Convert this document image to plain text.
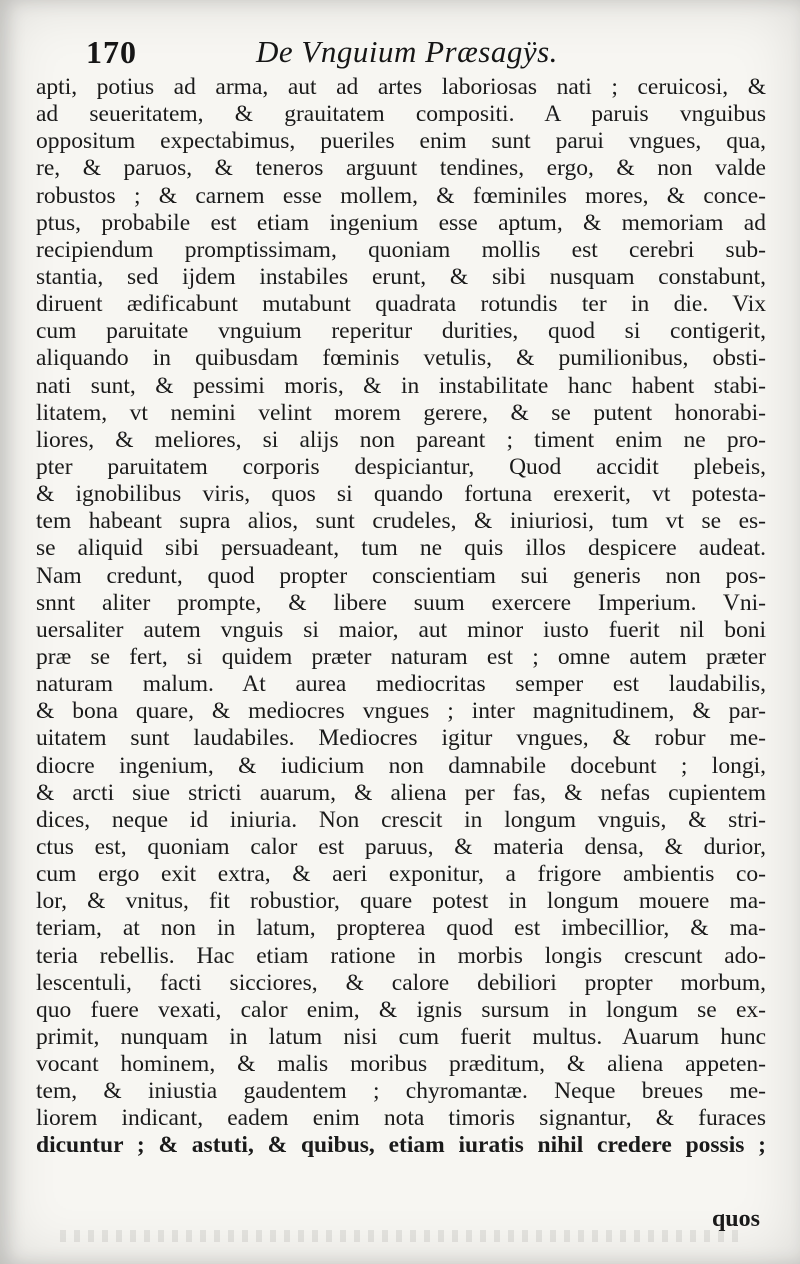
170	De Vnguium Præsagÿs.
apti, potius ad arma, aut ad artes laboriosas nati ; ceruicosi, &
ad seueritatem, & grauitatem compositi. A paruis vnguibus
oppositum expectabimus, pueriles enim sunt parui vngues, qua,
re, & paruos, & teneros arguunt tendines, ergo, & non valde
robustos ; & carnem esse mollem, & fœminiles mores, & conce-
ptus, probabile est etiam ingenium esse aptum, & memoriam ad
recipiendum promptissimam, quoniam mollis est cerebri sub-
stantia, sed ijdem instabiles erunt, & sibi nusquam constabunt,
diruent ædificabunt mutabunt quadrata rotundis ter in die. Vix
cum paruitate vnguium reperitur durities, quod si contigerit,
aliquando in quibusdam fœminis vetulis, & pumilionibus, obsti-
nati sunt, & pessimi moris, & in instabilitate hanc habent stabi-
litatem, vt nemini velint morem gerere, & se putent honorabi-
liores, & meliores, si alijs non pareant ; timent enim ne pro-
pter paruitatem corporis despiciantur, Quod accidit plebeis,
& ignobilibus viris, quos si quando fortuna erexerit, vt potesta-
tem habeant supra alios, sunt crudeles, & iniuriosi, tum vt se es-
se aliquid sibi persuadeant, tum ne quis illos despicere audeat.
Nam credunt, quod propter conscientiam sui generis non pos-
snnt aliter prompte, & libere suum exercere Imperium. Vni-
uersaliter autem vnguis si maior, aut minor iusto fuerit nil boni
præ se fert, si quidem præter naturam est ; omne autem præter
naturam malum. At aurea mediocritas semper est laudabilis,
& bona quare, & mediocres vngues ; inter magnitudinem, & par-
uitatem sunt laudabiles. Mediocres igitur vngues, & robur me-
diocre ingenium, & iudicium non damnabile docebunt ; longi,
& arcti siue stricti auarum, & aliena per fas, & nefas cupientem
dices, neque id iniuria. Non crescit in longum vnguis, & stri-
ctus est, quoniam calor est paruus, & materia densa, & durior,
cum ergo exit extra, & aeri exponitur, a frigore ambientis co-
lor, & vnitus, fit robustior, quare potest in longum mouere ma-
teriam, at non in latum, propterea quod est imbecillior, & ma-
teria rebellis. Hac etiam ratione in morbis longis crescunt ado-
lescentuli, facti sicciores, & calore debiliori propter morbum,
quo fuere vexati, calor enim, & ignis sursum in longum se ex-
primit, nunquam in latum nisi cum fuerit multus. Auarum hunc
vocant hominem, & malis moribus præditum, & aliena appeten-
tem, & iniustia gaudentem ; chyromantæ. Neque breues me-
liorem indicant, eadem enim nota timoris signantur, & furaces
dicuntur ; & astuti, & quibus, etiam iuratis nihil credere possis ;
quos
